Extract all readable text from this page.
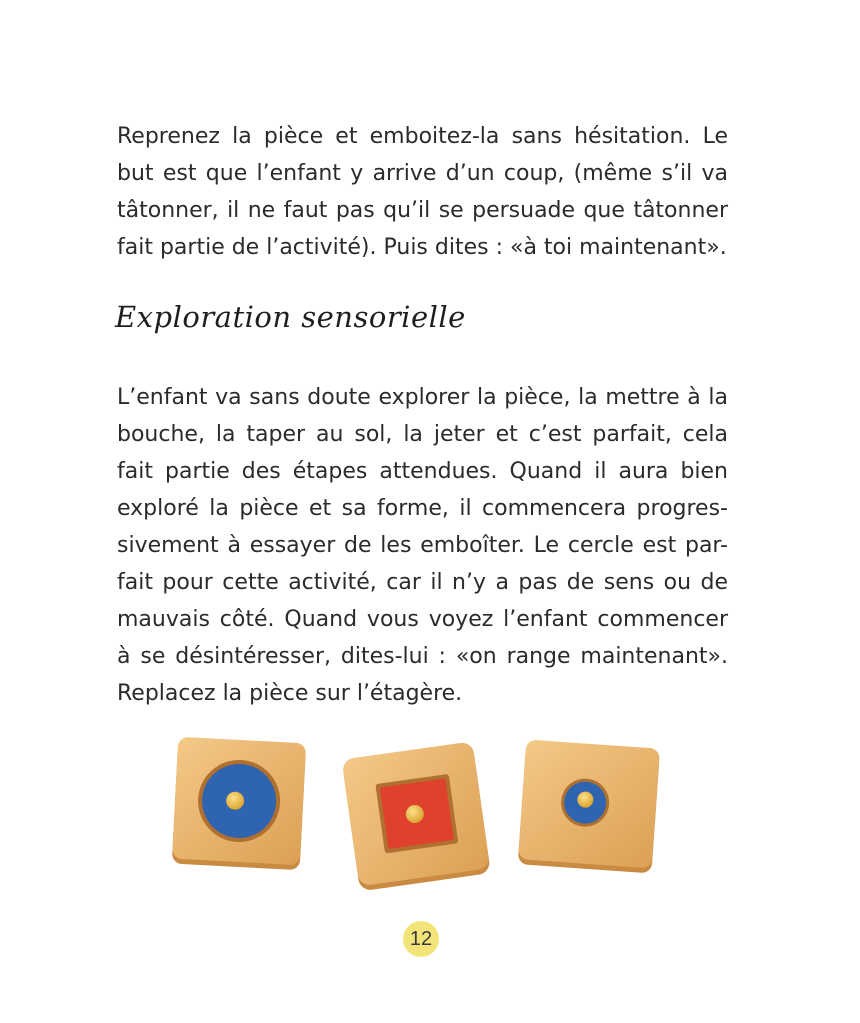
Reprenez la pièce et emboitez-la sans hésitation. Le but est que l’enfant y arrive d’un coup, (même s’il va tâtonner, il ne faut pas qu’il se persuade que tâtonner fait partie de l’activité). Puis dites : «à toi maintenant».

Exploration sensorielle

L’enfant va sans doute explorer la pièce, la mettre à la bouche, la taper au sol, la jeter et c’est parfait, cela fait partie des étapes attendues. Quand il aura bien exploré la pièce et sa forme, il commencera progres-sivement à essayer de les emboîter. Le cercle est par-fait pour cette activité, car il n’y a pas de sens ou de mauvais côté. Quand vous voyez l’enfant commencer à se désintéresser, dites-lui : «on range maintenant». Replacez la pièce sur l’étagère.

12
